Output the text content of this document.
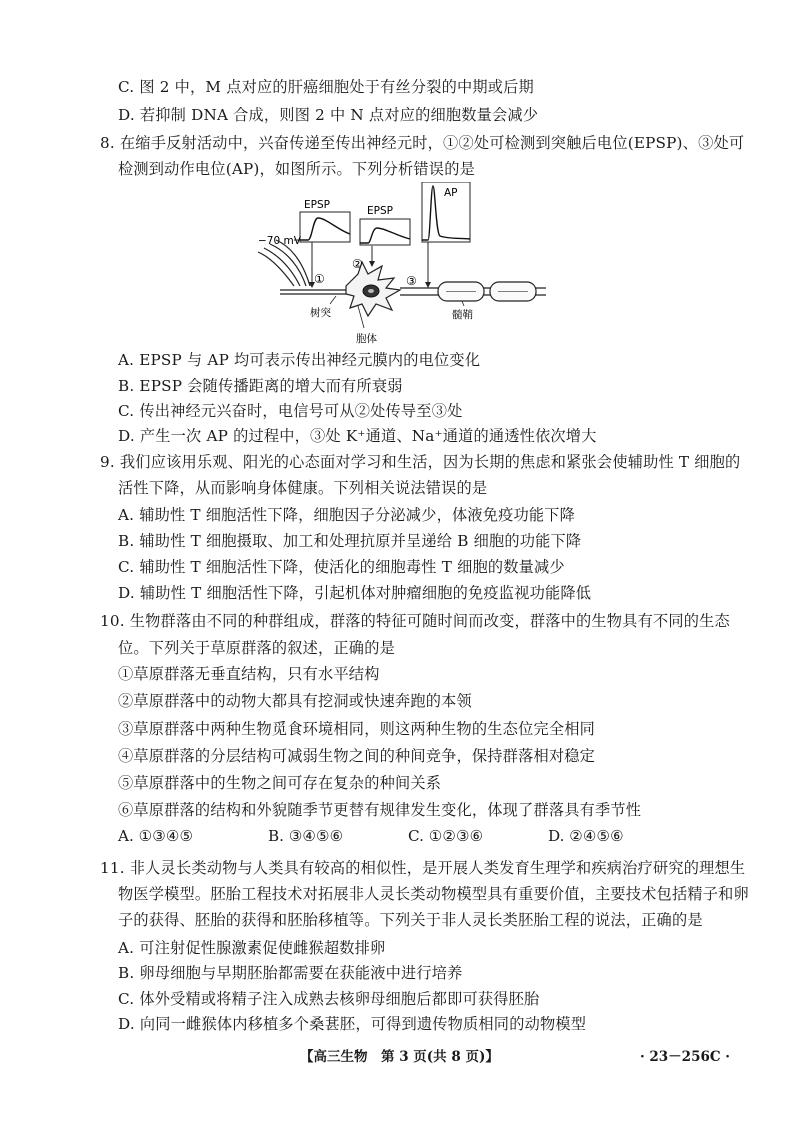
C. 图 2 中，M 点对应的肝癌细胞处于有丝分裂的中期或后期
D. 若抑制 DNA 合成，则图 2 中 N 点对应的细胞数量会减少
8. 在缩手反射活动中，兴奋传递至传出神经元时，①②处可检测到突触后电位(EPSP)、③处可
检测到动作电位(AP)，如图所示。下列分析错误的是
EPSP	EPSP
AP
−70 mV
①
②
③
树突
胞体
髓鞘
A. EPSP 与 AP 均可表示传出神经元膜内的电位变化
B. EPSP 会随传播距离的增大而有所衰弱
C. 传出神经元兴奋时，电信号可从②处传导至③处
D. 产生一次 AP 的过程中，③处 K⁺通道、Na⁺通道的通透性依次增大
9. 我们应该用乐观、阳光的心态面对学习和生活，因为长期的焦虑和紧张会使辅助性 T 细胞的
活性下降，从而影响身体健康。下列相关说法错误的是
A. 辅助性 T 细胞活性下降，细胞因子分泌减少，体液免疫功能下降
B. 辅助性 T 细胞摄取、加工和处理抗原并呈递给 B 细胞的功能下降
C. 辅助性 T 细胞活性下降，使活化的细胞毒性 T 细胞的数量减少
D. 辅助性 T 细胞活性下降，引起机体对肿瘤细胞的免疫监视功能降低
10. 生物群落由不同的种群组成，群落的特征可随时间而改变，群落中的生物具有不同的生态
位。下列关于草原群落的叙述，正确的是
①草原群落无垂直结构，只有水平结构
②草原群落中的动物大都具有挖洞或快速奔跑的本领
③草原群落中两种生物觅食环境相同，则这两种生物的生态位完全相同
④草原群落的分层结构可减弱生物之间的种间竞争，保持群落相对稳定
⑤草原群落中的生物之间可存在复杂的种间关系
⑥草原群落的结构和外貌随季节更替有规律发生变化，体现了群落具有季节性
A. ①③④⑤	B. ③④⑤⑥	C. ①②③⑥	D. ②④⑤⑥
11. 非人灵长类动物与人类具有较高的相似性，是开展人类发育生理学和疾病治疗研究的理想生
物医学模型。胚胎工程技术对拓展非人灵长类动物模型具有重要价值，主要技术包括精子和卵
子的获得、胚胎的获得和胚胎移植等。下列关于非人灵长类胚胎工程的说法，正确的是
A. 可注射促性腺激素促使雌猴超数排卵
B. 卵母细胞与早期胚胎都需要在获能液中进行培养
C. 体外受精或将精子注入成熟去核卵母细胞后都即可获得胚胎
D. 向同一雌猴体内移植多个桑葚胚，可得到遗传物质相同的动物模型
【高三生物　第 3 页(共 8 页)】	· 23－256C ·
